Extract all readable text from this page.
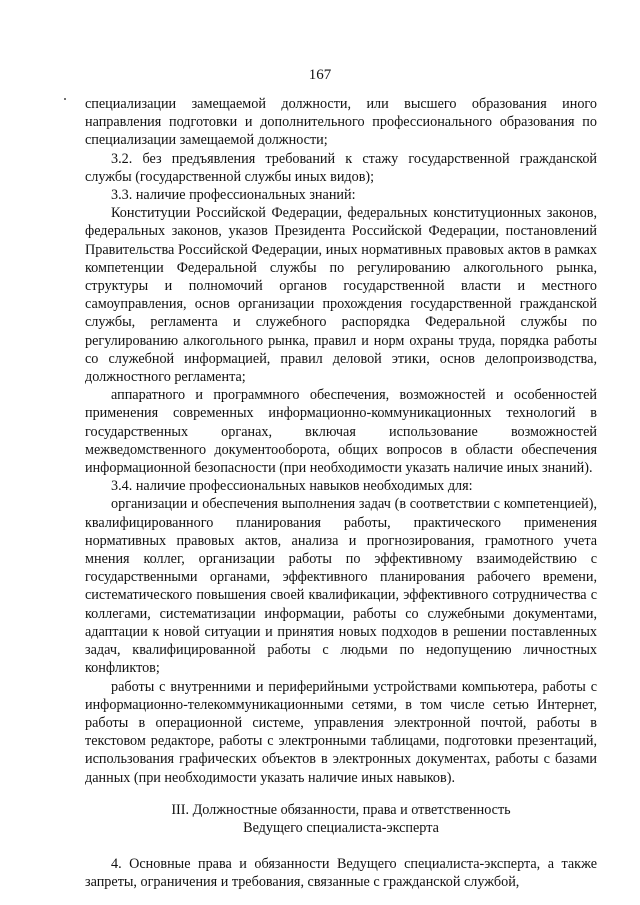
167

специализации замещаемой должности, или высшего образования иного направления подготовки и дополнительного профессионального образования по специализации замещаемой должности;

3.2. без предъявления требований к стажу государственной гражданской службы (государственной службы иных видов);

3.3. наличие профессиональных знаний:

Конституции Российской Федерации, федеральных конституционных законов, федеральных законов, указов Президента Российской Федерации, постановлений Правительства Российской Федерации, иных нормативных правовых актов в рамках компетенции Федеральной службы по регулированию алкогольного рынка, структуры и полномочий органов государственной власти и местного самоуправления, основ организации прохождения государственной гражданской службы, регламента и служебного распорядка Федеральной службы по регулированию алкогольного рынка, правил и норм охраны труда, порядка работы со служебной информацией, правил деловой этики, основ делопроизводства, должностного регламента;

аппаратного и программного обеспечения, возможностей и особенностей применения современных информационно-коммуникационных технологий в государственных органах, включая использование возможностей межведомственного документооборота, общих вопросов в области обеспечения информационной безопасности (при необходимости указать наличие иных знаний).

3.4. наличие профессиональных навыков необходимых для:

организации и обеспечения выполнения задач (в соответствии с компетенцией), квалифицированного планирования работы, практического применения нормативных правовых актов, анализа и прогнозирования, грамотного учета мнения коллег, организации работы по эффективному взаимодействию с государственными органами, эффективного планирования рабочего времени, систематического повышения своей квалификации, эффективного сотрудничества с коллегами, систематизации информации, работы со служебными документами, адаптации к новой ситуации и принятия новых подходов в решении поставленных задач, квалифицированной работы с людьми по недопущению личностных конфликтов;

работы с внутренними и периферийными устройствами компьютера, работы с информационно-телекоммуникационными сетями, в том числе сетью Интернет, работы в операционной системе, управления электронной почтой, работы в текстовом редакторе, работы с электронными таблицами, подготовки презентаций, использования графических объектов в электронных документах, работы с базами данных (при необходимости указать наличие иных навыков).

III. Должностные обязанности, права и ответственность
Ведущего специалиста-эксперта

4. Основные права и обязанности Ведущего специалиста-эксперта, а также запреты, ограничения и требования, связанные с гражданской службой,
